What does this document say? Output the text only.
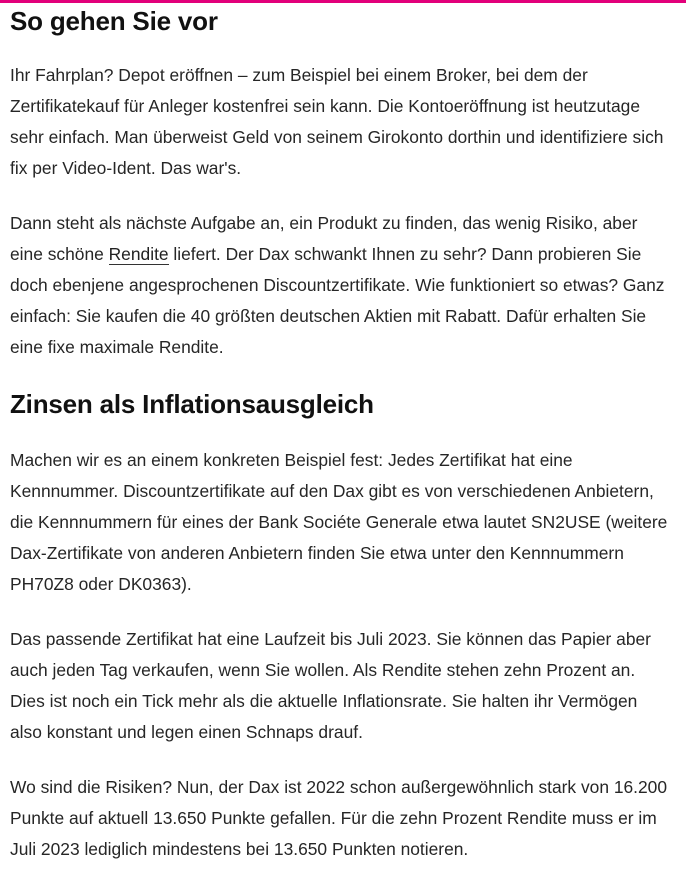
So gehen Sie vor

Ihr Fahrplan? Depot eröffnen – zum Beispiel bei einem Broker, bei dem der Zertifikatekauf für Anleger kostenfrei sein kann. Die Kontoeröffnung ist heutzutage sehr einfach. Man überweist Geld von seinem Girokonto dorthin und identifiziere sich fix per Video-Ident. Das war's.

Dann steht als nächste Aufgabe an, ein Produkt zu finden, das wenig Risiko, aber eine schöne Rendite liefert. Der Dax schwankt Ihnen zu sehr? Dann probieren Sie doch ebenjene angesprochenen Discountzertifikate. Wie funktioniert so etwas? Ganz einfach: Sie kaufen die 40 größten deutschen Aktien mit Rabatt. Dafür erhalten Sie eine fixe maximale Rendite.

Zinsen als Inflationsausgleich

Machen wir es an einem konkreten Beispiel fest: Jedes Zertifikat hat eine Kennnummer. Discountzertifikate auf den Dax gibt es von verschiedenen Anbietern, die Kennnummern für eines der Bank Sociéte Generale etwa lautet SN2USE (weitere Dax-Zertifikate von anderen Anbietern finden Sie etwa unter den Kennnummern PH70Z8 oder DK0363).

Das passende Zertifikat hat eine Laufzeit bis Juli 2023. Sie können das Papier aber auch jeden Tag verkaufen, wenn Sie wollen. Als Rendite stehen zehn Prozent an. Dies ist noch ein Tick mehr als die aktuelle Inflationsrate. Sie halten ihr Vermögen also konstant und legen einen Schnaps drauf.

Wo sind die Risiken? Nun, der Dax ist 2022 schon außergewöhnlich stark von 16.200 Punkte auf aktuell 13.650 Punkte gefallen. Für die zehn Prozent Rendite muss er im Juli 2023 lediglich mindestens bei 13.650 Punkten notieren.
